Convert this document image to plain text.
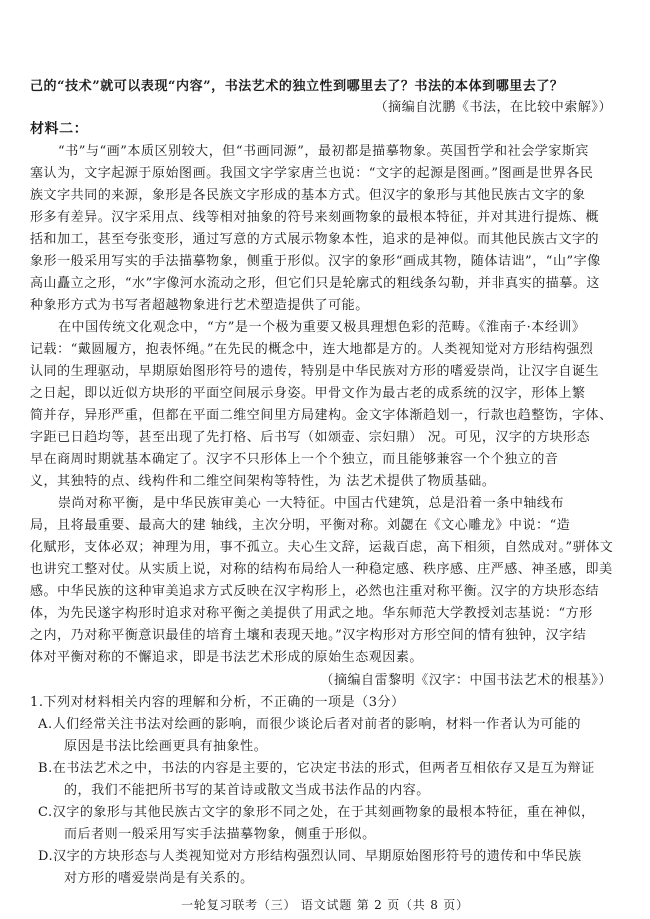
己的“技术”就可以表现“内容”，书法艺术的独立性到哪里去了？书法的本体到哪里去了？
（摘编自沈鹏《书法，在比较中索解》）
材料二：
“书”与“画”本质区别较大，但“书画同源”，最初都是描摹物象。英国哲学和社会学家斯宾
塞认为，文字起源于原始图画。我国文字学家唐兰也说：“文字的起源是图画。”图画是世界各民
族文字共同的来源，象形是各民族文字形成的基本方式。但汉字的象形与其他民族古文字的象
形多有差异。汉字采用点、线等相对抽象的符号来刻画物象的最根本特征，并对其进行提炼、概
括和加工，甚至夸张变形，通过写意的方式展示物象本性，追求的是神似。而其他民族古文字的
象形一般采用写实的手法描摹物象，侧重于形似。汉字的象形“画成其物，随体诘诎”，“山”字像
高山矗立之形，“水”字像河水流动之形，但它们只是轮廓式的粗线条勾勒，并非真实的描摹。这
种象形方式为书写者超越物象进行艺术塑造提供了可能。
在中国传统文化观念中，“方”是一个极为重要又极具理想色彩的范畴。《淮南子·本经训》
记载：“戴圆履方，抱表怀绳。”在先民的概念中，连大地都是方的。人类视知觉对方形结构强烈
认同的生理驱动，早期原始图形符号的遗传，特别是中华民族对方形的嗜爱崇尚，让汉字自诞生
之日起，即以近似方块形的平面空间展示身姿。甲骨文作为最古老的成系统的汉字，形体上繁
简并存，异形严重，但都在平面二维空间里方局建构。金文字体渐趋划一，行款也趋整饬，字体、
字距已日趋均等，甚至出现了先打格、后书写（如颂壶、宗妇鼎） 况。可见，汉字的方块形态
早在商周时期就基本确定了。汉字不只形体上一个个独立，而且能够兼容一个个独立的音
义，其独特的点、线构件和二维空间架构等特性，为 法艺术提供了物质基础。
崇尚对称平衡，是中华民族审美心 一大特征。中国古代建筑，总是沿着一条中轴线布
局，且将最重要、最高大的建 轴线，主次分明，平衡对称。刘勰在《文心雕龙》中说：“造
化赋形，支体必双；神理为用，事不孤立。夫心生文辞，运裁百虑，高下相须，自然成对。”骈体文
也讲究工整对仗。从实质上说，对称的结构布局给人一种稳定感、秩序感、庄严感、神圣感，即美
感。中华民族的这种审美追求方式反映在汉字构形上，必然也注重对称平衡。汉字的方块形态结
体，为先民遂字构形时追求对称平衡之美提供了用武之地。华东师范大学教授刘志基说：“方形
之内，乃对称平衡意识最佳的培育土壤和表现天地。”汉字构形对方形空间的情有独钟，汉字结
体对平衡对称的不懈追求，即是书法艺术形成的原始生态观因素。
（摘编自雷黎明《汉字：中国书法艺术的根基》）
1.下列对材料相关内容的理解和分析，不正确的一项是（3分）
A.人们经常关注书法对绘画的影响，而很少谈论后者对前者的影响，材料一作者认为可能的
原因是书法比绘画更具有抽象性。
B.在书法艺术之中，书法的内容是主要的，它决定书法的形式，但两者互相依存又是互为辩证
的，我们不能把所书写的某首诗或散文当成书法作品的内容。
C.汉字的象形与其他民族古文字的象形不同之处，在于其刻画物象的最根本特征，重在神似，
而后者则一般采用写实手法描摹物象，侧重于形似。
D.汉字的方块形态与人类视知觉对方形结构强烈认同、早期原始图形符号的遗传和中华民族
对方形的嗜爱崇尚是有关系的。
一轮复习联考（三） 语文试题 第 2 页（共 8 页）
